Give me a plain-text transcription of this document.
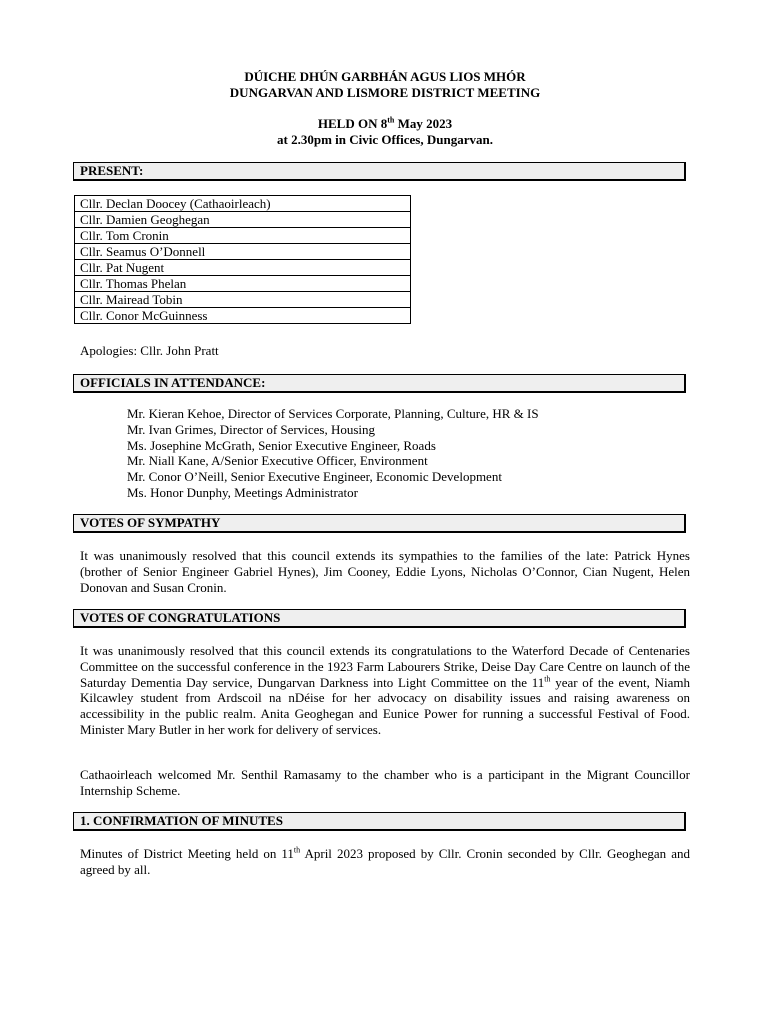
DÚICHE DHÚN GARBHÁN AGUS LIOS MHÓR
DUNGARVAN AND LISMORE DISTRICT MEETING
HELD ON 8th May 2023
at 2.30pm in Civic Offices, Dungarvan.
PRESENT:
Cllr. Declan Doocey (Cathaoirleach)
Cllr. Damien Geoghegan
Cllr. Tom Cronin
Cllr. Seamus O’Donnell
Cllr. Pat Nugent
Cllr. Thomas Phelan
Cllr. Mairead Tobin
Cllr. Conor McGuinness
Apologies: Cllr. John Pratt
OFFICIALS IN ATTENDANCE:
Mr. Kieran Kehoe, Director of Services Corporate, Planning, Culture, HR & IS
Mr. Ivan Grimes, Director of Services, Housing
Ms. Josephine McGrath, Senior Executive Engineer, Roads
Mr. Niall Kane, A/Senior Executive Officer, Environment
Mr. Conor O’Neill, Senior Executive Engineer, Economic Development
Ms. Honor Dunphy, Meetings Administrator
VOTES OF SYMPATHY
It was unanimously resolved that this council extends its sympathies to the families of the late: Patrick Hynes (brother of Senior Engineer Gabriel Hynes), Jim Cooney, Eddie Lyons, Nicholas O’Connor, Cian Nugent, Helen Donovan and Susan Cronin.
VOTES OF CONGRATULATIONS
It was unanimously resolved that this council extends its congratulations to the Waterford Decade of Centenaries Committee on the successful conference in the 1923 Farm Labourers Strike, Deise Day Care Centre on launch of the Saturday Dementia Day service, Dungarvan Darkness into Light Committee on the 11th year of the event, Niamh Kilcawley student from Ardscoil na nDéise for her advocacy on disability issues and raising awareness on accessibility in the public realm. Anita Geoghegan and Eunice Power for running a successful Festival of Food. Minister Mary Butler in her work for delivery of services.
Cathaoirleach welcomed Mr. Senthil Ramasamy to the chamber who is a participant in the Migrant Councillor Internship Scheme.
1. CONFIRMATION OF MINUTES
Minutes of District Meeting held on 11th April 2023 proposed by Cllr. Cronin seconded by Cllr. Geoghegan and agreed by all.
